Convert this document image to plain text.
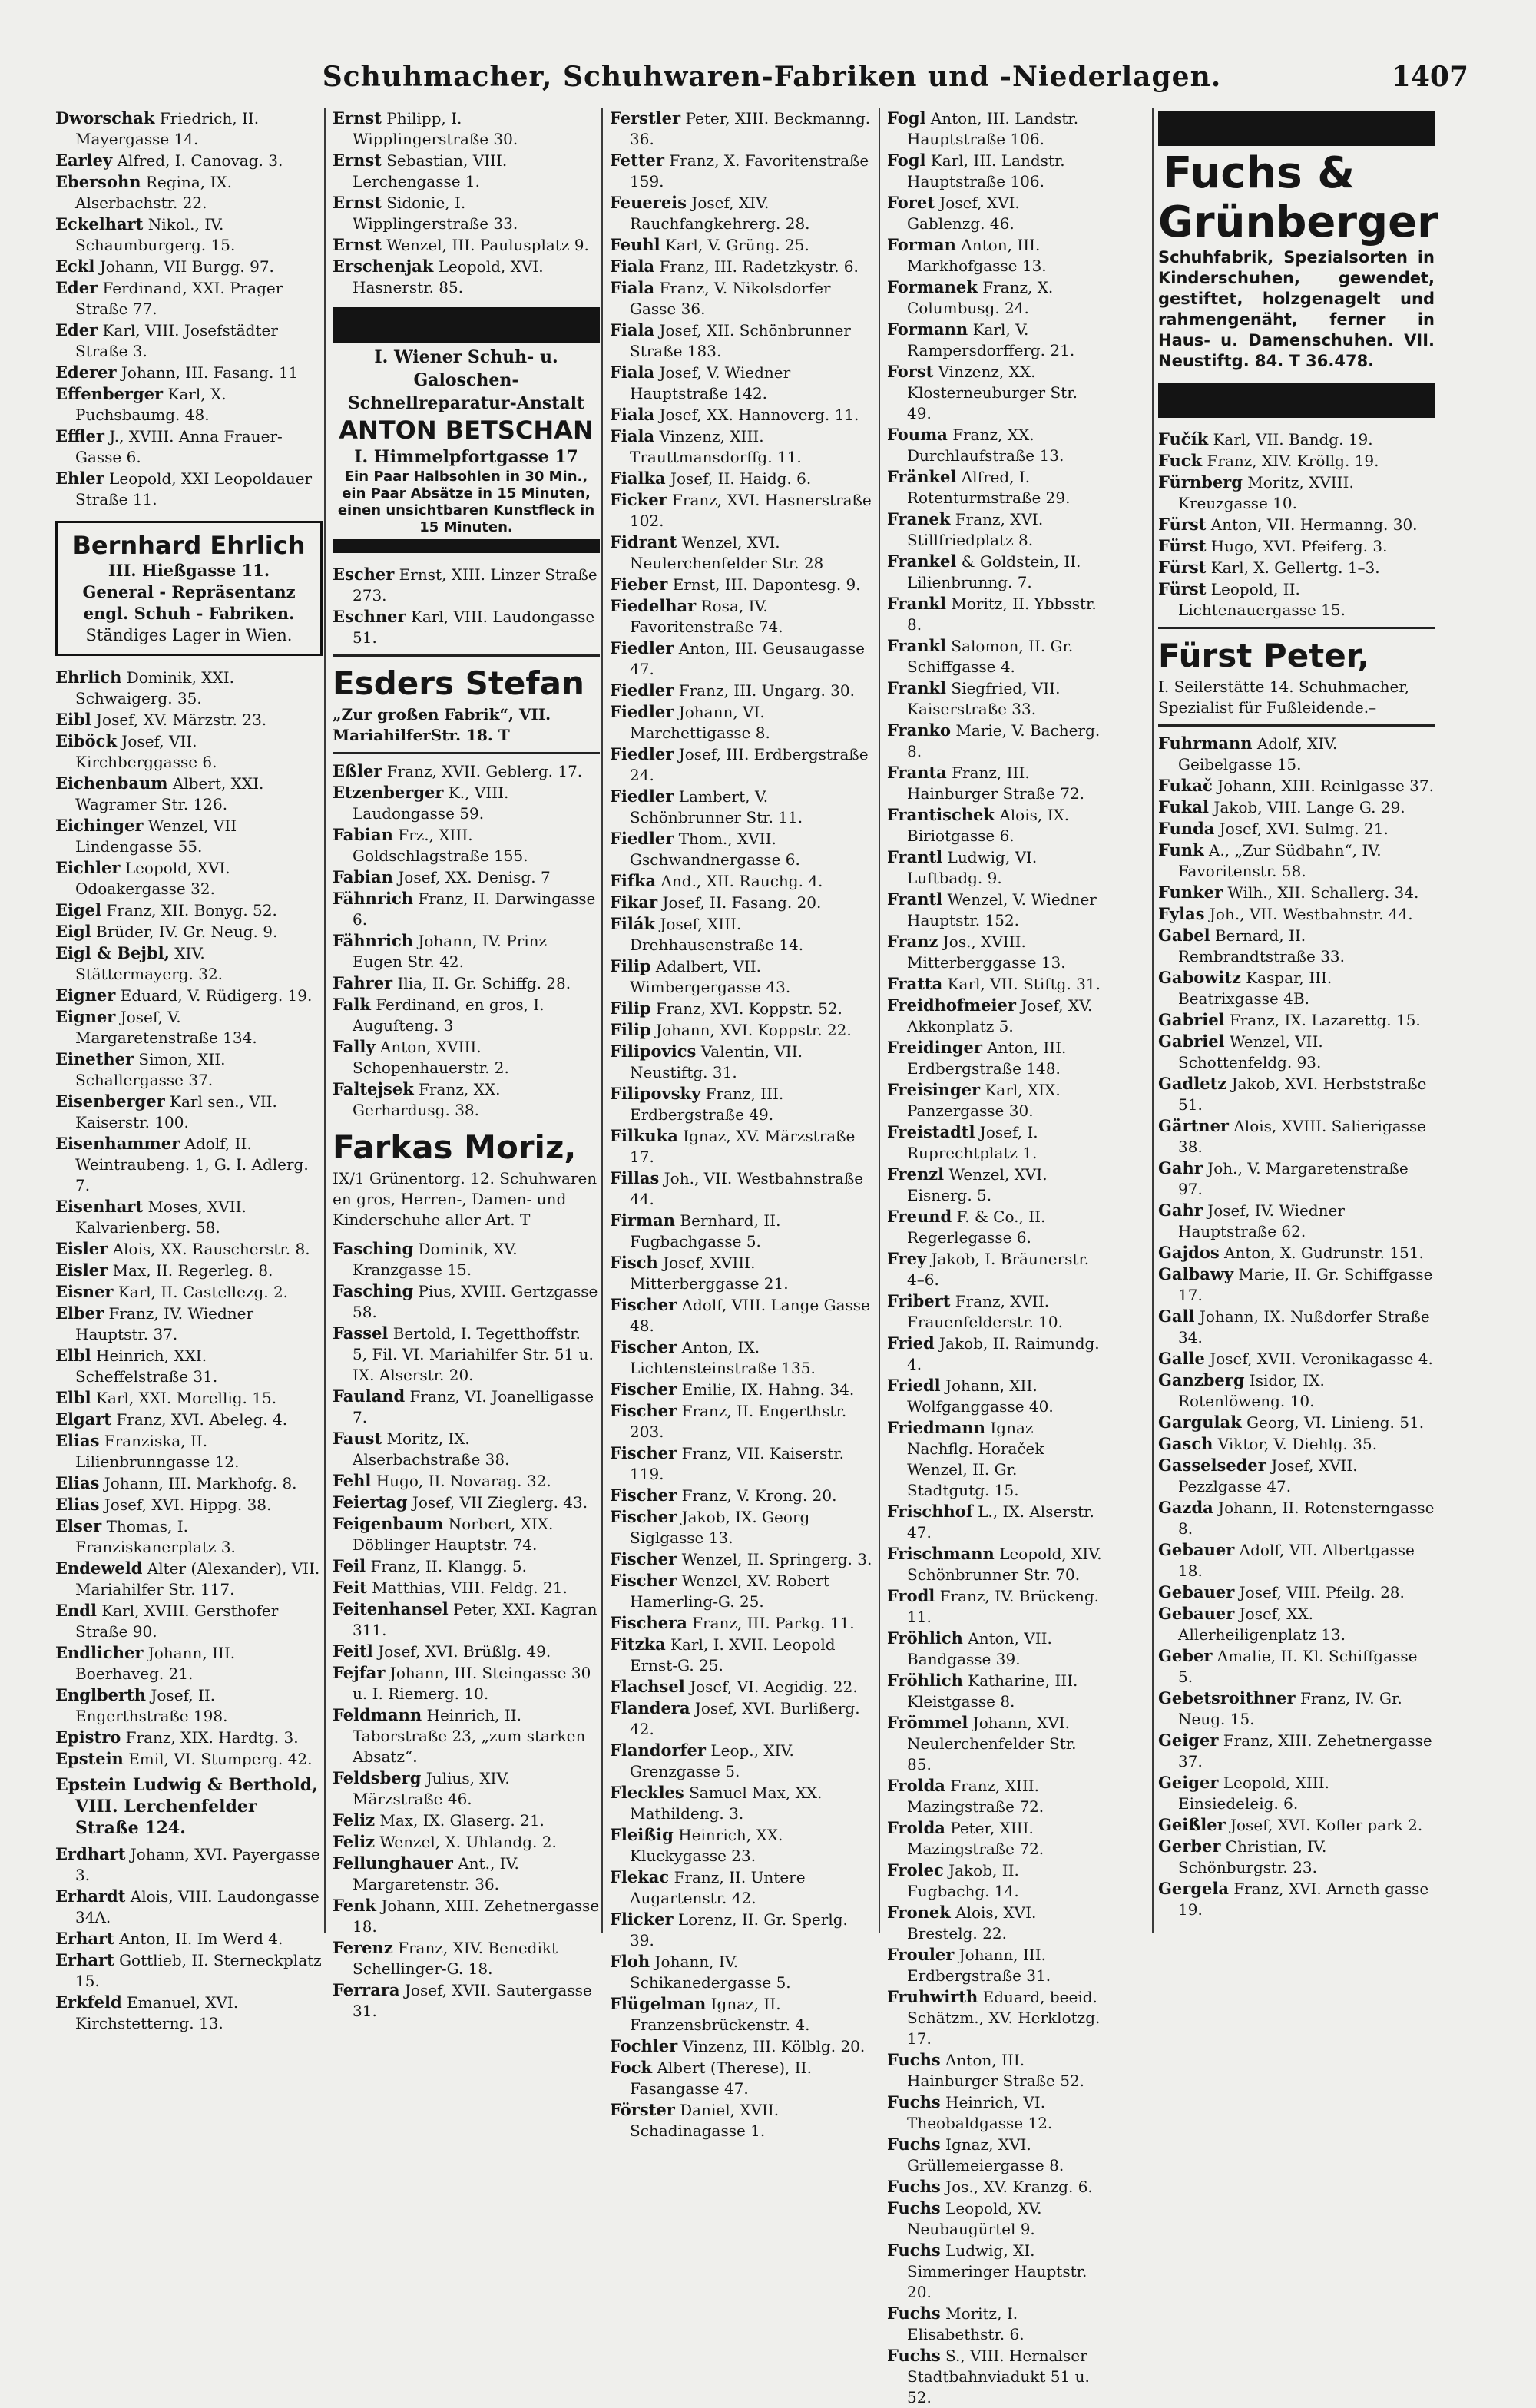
Schuhmacher, Schuhwaren-Fabriken und -Niederlagen.	1407
Dworschak Friedrich, II. Mayergasse 14.
Earley Alfred, I. Canovag. 3.
Ebersohn Regina, IX. Alserbachstr. 22.
Eckelhart Nikol., IV. Schaumburgerg. 15.
Eckl Johann, VII Burgg. 97.
Eder Ferdinand, XXI. Prager Straße 77.
Eder Karl, VIII. Josefstädter Straße 3.
Ederer Johann, III. Fasang. 11
Effenberger Karl, X. Puchsbaumg. 48.
Effler J., XVIII. Anna Frauer-Gasse 6.
Ehler Leopold, XXI Leopoldauer Straße 11.
Bernhard Ehrlich
III. Hießgasse 11.
General - Repräsentanz
engl. Schuh - Fabriken.
Ständiges Lager in Wien.
Ehrlich Dominik, XXI. Schwaigerg. 35.
Eibl Josef, XV. Märzstr. 23.
Eiböck Josef, VII. Kirchberggasse 6.
Eichenbaum Albert, XXI. Wagramer Str. 126.
Eichinger Wenzel, VII Lindengasse 55.
Eichler Leopold, XVI. Odoakergasse 32.
Eigel Franz, XII. Bonyg. 52.
Eigl Brüder, IV. Gr. Neug. 9.
Eigl & Bejbl, XIV. Stättermayerg. 32.
Eigner Eduard, V. Rüdigerg. 19.
Eigner Josef, V. Margaretenstraße 134.
Einether Simon, XII. Schallergasse 37.
Eisenberger Karl sen., VII. Kaiserstr. 100.
Eisenhammer Adolf, II. Weintraubeng. 1, G. I. Adlerg. 7.
Eisenhart Moses, XVII. Kalvarienberg. 58.
Eisler Alois, XX. Rauscherstr. 8.
Eisler Max, II. Regerleg. 8.
Eisner Karl, II. Castellezg. 2.
Elber Franz, IV. Wiedner Hauptstr. 37.
Elbl Heinrich, XXI. Scheffelstraße 31.
Elbl Karl, XXI. Morellig. 15.
Elgart Franz, XVI. Abeleg. 4.
Elias Franziska, II. Lilienbrunngasse 12.
Elias Johann, III. Markhofg. 8.
Elias Josef, XVI. Hippg. 38.
Elser Thomas, I. Franziskanerplatz 3.
Endeweld Alter (Alexander), VII. Mariahilfer Str. 117.
Endl Karl, XVIII. Gersthofer Straße 90.
Endlicher Johann, III. Boerhaveg. 21.
Englberth Josef, II. Engerthstraße 198.
Epistro Franz, XIX. Hardtg. 3.
Epstein Emil, VI. Stumperg. 42.
Epstein Ludwig & Berthold, VIII. Lerchenfelder Straße 124.
Erdhart Johann, XVI. Payergasse 3.
Erhardt Alois, VIII. Laudongasse 34A.
Erhart Anton, II. Im Werd 4.
Erhart Gottlieb, II. Sterneckplatz 15.
Erkfeld Emanuel, XVI. Kirchstetterng. 13.
Ernst Philipp, I. Wipplingerstraße 30.
Ernst Sebastian, VIII. Lerchengasse 1.
Ernst Sidonie, I. Wipplingerstraße 33.
Ernst Wenzel, III. Paulusplatz 9.
Erschenjak Leopold, XVI. Hasnerstr. 85.
I. Wiener Schuh- u. Galoschen-
Schnellreparatur-Anstalt
ANTON BETSCHAN
I. Himmelpfortgasse 17
Ein Paar Halbsohlen in 30 Min., ein Paar Absätze in 15 Minuten, einen unsichtbaren Kunstfleck in 15 Minuten.
Escher Ernst, XIII. Linzer Straße 273.
Eschner Karl, VIII. Laudongasse 51.
Esders Stefan
„Zur großen Fabrik“, VII. MariahilferStr. 18. T
Eßler Franz, XVII. Geblerg. 17.
Etzenberger K., VIII. Laudongasse 59.
Fabian Frz., XIII. Goldschlagstraße 155.
Fabian Josef, XX. Denisg. 7
Fähnrich Franz, II. Darwingasse 6.
Fähnrich Johann, IV. Prinz Eugen Str. 42.
Fahrer Ilia, II. Gr. Schiffg. 28.
Falk Ferdinand, en gros, I. Auguſteng. 3
Fally Anton, XVIII. Schopenhauerstr. 2.
Faltejsek Franz, XX. Gerhardusg. 38.
Farkas Moriz,
IX/1 Grünentorg. 12. Schuhwaren en gros, Herren-, Damen- und Kinderschuhe aller Art. T
Fasching Dominik, XV. Kranzgasse 15.
Fasching Pius, XVIII. Gertzgasse 58.
Fassel Bertold, I. Tegetthoffstr. 5, Fil. VI. Mariahilfer Str. 51 u. IX. Alserstr. 20.
Fauland Franz, VI. Joanelligasse 7.
Faust Moritz, IX. Alserbachstraße 38.
Fehl Hugo, II. Novarag. 32.
Feiertag Josef, VII Zieglerg. 43.
Feigenbaum Norbert, XIX. Döblinger Hauptstr. 74.
Feil Franz, II. Klangg. 5.
Feit Matthias, VIII. Feldg. 21.
Feitenhansel Peter, XXI. Kagran 311.
Feitl Josef, XVI. Brüßlg. 49.
Fejfar Johann, III. Steingasse 30 u. I. Riemerg. 10.
Feldmann Heinrich, II. Taborstraße 23, „zum starken Absatz“.
Feldsberg Julius, XIV. Märzstraße 46.
Feliz Max, IX. Glaserg. 21.
Feliz Wenzel, X. Uhlandg. 2.
Fellunghauer Ant., IV. Margaretenstr. 36.
Fenk Johann, XIII. Zehetnergasse 18.
Ferenz Franz, XIV. Benedikt Schellinger-G. 18.
Ferrara Josef, XVII. Sautergasse 31.
Ferstler Peter, XIII. Beckmanng. 36.
Fetter Franz, X. Favoritenstraße 159.
Feuereis Josef, XIV. Rauchfangkehrerg. 28.
Feuhl Karl, V. Grüng. 25.
Fiala Franz, III. Radetzkystr. 6.
Fiala Franz, V. Nikolsdorfer Gasse 36.
Fiala Josef, XII. Schönbrunner Straße 183.
Fiala Josef, V. Wiedner Hauptstraße 142.
Fiala Josef, XX. Hannoverg. 11.
Fiala Vinzenz, XIII. Trauttmansdorffg. 11.
Fialka Josef, II. Haidg. 6.
Ficker Franz, XVI. Hasnerstraße 102.
Fidrant Wenzel, XVI. Neulerchenfelder Str. 28
Fieber Ernst, III. Dapontesg. 9.
Fiedelhar Rosa, IV. Favoritenstraße 74.
Fiedler Anton, III. Geusaugasse 47.
Fiedler Franz, III. Ungarg. 30.
Fiedler Johann, VI. Marchettigasse 8.
Fiedler Josef, III. Erdbergstraße 24.
Fiedler Lambert, V. Schönbrunner Str. 11.
Fiedler Thom., XVII. Gschwandnergasse 6.
Fifka And., XII. Rauchg. 4.
Fikar Josef, II. Fasang. 20.
Filák Josef, XIII. Drehhausenstraße 14.
Filip Adalbert, VII. Wimbergergasse 43.
Filip Franz, XVI. Koppstr. 52.
Filip Johann, XVI. Koppstr. 22.
Filipovics Valentin, VII. Neustiftg. 31.
Filipovsky Franz, III. Erdbergstraße 49.
Filkuka Ignaz, XV. Märzstraße 17.
Fillas Joh., VII. Westbahnstraße 44.
Firman Bernhard, II. Fugbachgasse 5.
Fisch Josef, XVIII. Mitterberggasse 21.
Fischer Adolf, VIII. Lange Gasse 48.
Fischer Anton, IX. Lichtensteinstraße 135.
Fischer Emilie, IX. Hahng. 34.
Fischer Franz, II. Engerthstr. 203.
Fischer Franz, VII. Kaiserstr. 119.
Fischer Franz, V. Krong. 20.
Fischer Jakob, IX. Georg Siglgasse 13.
Fischer Wenzel, II. Springerg. 3.
Fischer Wenzel, XV. Robert Hamerling-G. 25.
Fischera Franz, III. Parkg. 11.
Fitzka Karl, I. XVII. Leopold Ernst-G. 25.
Flachsel Josef, VI. Aegidig. 22.
Flandera Josef, XVI. Burlißerg. 42.
Flandorfer Leop., XIV. Grenzgasse 5.
Fleckles Samuel Max, XX. Mathildeng. 3.
Fleißig Heinrich, XX. Kluckygasse 23.
Flekac Franz, II. Untere Augartenstr. 42.
Flicker Lorenz, II. Gr. Sperlg. 39.
Floh Johann, IV. Schikanedergasse 5.
Flügelman Ignaz, II. Franzensbrückenstr. 4.
Fochler Vinzenz, III. Kölblg. 20.
Fock Albert (Therese), II. Fasangasse 47.
Förster Daniel, XVII. Schadinagasse 1.
Fogl Anton, III. Landstr. Hauptstraße 106.
Fogl Karl, III. Landstr. Hauptstraße 106.
Foret Josef, XVI. Gablenzg. 46.
Forman Anton, III. Markhofgasse 13.
Formanek Franz, X. Columbusg. 24.
Formann Karl, V. Rampersdorfferg. 21.
Forst Vinzenz, XX. Klosterneuburger Str. 49.
Fouma Franz, XX. Durchlaufstraße 13.
Fränkel Alfred, I. Rotenturmstraße 29.
Franek Franz, XVI. Stillfriedplatz 8.
Frankel & Goldstein, II. Lilienbrunng. 7.
Frankl Moritz, II. Ybbsstr. 8.
Frankl Salomon, II. Gr. Schiffgasse 4.
Frankl Siegfried, VII. Kaiserstraße 33.
Franko Marie, V. Bacherg. 8.
Franta Franz, III. Hainburger Straße 72.
Frantischek Alois, IX. Biriotgasse 6.
Frantl Ludwig, VI. Luftbadg. 9.
Frantl Wenzel, V. Wiedner Hauptstr. 152.
Franz Jos., XVIII. Mitterberggasse 13.
Fratta Karl, VII. Stiftg. 31.
Freidhofmeier Josef, XV. Akkonplatz 5.
Freidinger Anton, III. Erdbergstraße 148.
Freisinger Karl, XIX. Panzergasse 30.
Freistadtl Josef, I. Ruprechtplatz 1.
Frenzl Wenzel, XVI. Eisnerg. 5.
Freund F. & Co., II. Regerlegasse 6.
Frey Jakob, I. Bräunerstr. 4–6.
Fribert Franz, XVII. Frauenfelderstr. 10.
Fried Jakob, II. Raimundg. 4.
Friedl Johann, XII. Wolfganggasse 40.
Friedmann Ignaz Nachflg. Horaček Wenzel, II. Gr. Stadtgutg. 15.
Frischhof L., IX. Alserstr. 47.
Frischmann Leopold, XIV. Schönbrunner Str. 70.
Frodl Franz, IV. Brückeng. 11.
Fröhlich Anton, VII. Bandgasse 39.
Fröhlich Katharine, III. Kleistgasse 8.
Frömmel Johann, XVI. Neulerchenfelder Str. 85.
Frolda Franz, XIII. Mazingstraße 72.
Frolda Peter, XIII. Mazingstraße 72.
Frolec Jakob, II. Fugbachg. 14.
Fronek Alois, XVI. Brestelg. 22.
Frouler Johann, III. Erdbergstraße 31.
Fruhwirth Eduard, beeid. Schätzm., XV. Herklotzg. 17.
Fuchs Anton, III. Hainburger Straße 52.
Fuchs Heinrich, VI. Theobaldgasse 12.
Fuchs Ignaz, XVI. Grüllemeiergasse 8.
Fuchs Jos., XV. Kranzg. 6.
Fuchs Leopold, XV. Neubaugürtel 9.
Fuchs Ludwig, XI. Simmeringer Hauptstr. 20.
Fuchs Moritz, I. Elisabethstr. 6.
Fuchs S., VIII. Hernalser Stadtbahnviadukt 51 u. 52.
Fuchs &
Grünberger
Schuhfabrik, Spezialsorten in Kinderschuhen, gewendet, gestiftet, holzgenagelt und rahmengenäht, ferner in Haus- u. Damenschuhen. VII. Neustiftg. 84. T 36.478.
Fučík Karl, VII. Bandg. 19.
Fuck Franz, XIV. Kröllg. 19.
Fürnberg Moritz, XVIII. Kreuzgasse 10.
Fürst Anton, VII. Hermanng. 30.
Fürst Hugo, XVI. Pfeiferg. 3.
Fürst Karl, X. Gellertg. 1–3.
Fürst Leopold, II. Lichtenauergasse 15.
Fürst Peter,
I. Seilerstätte 14. Schuhmacher, Spezialist für Fußleidende.–
Fuhrmann Adolf, XIV. Geibelgasse 15.
Fukač Johann, XIII. Reinlgasse 37.
Fukal Jakob, VIII. Lange G. 29.
Funda Josef, XVI. Sulmg. 21.
Funk A., „Zur Südbahn“, IV. Favoritenstr. 58.
Funker Wilh., XII. Schallerg. 34.
Fylas Joh., VII. Westbahnstr. 44.
Gabel Bernard, II. Rembrandtstraße 33.
Gabowitz Kaspar, III. Beatrixgasse 4B.
Gabriel Franz, IX. Lazarettg. 15.
Gabriel Wenzel, VII. Schottenfeldg. 93.
Gadletz Jakob, XVI. Herbststraße 51.
Gärtner Alois, XVIII. Salierigasse 38.
Gahr Joh., V. Margaretenstraße 97.
Gahr Josef, IV. Wiedner Hauptstraße 62.
Gajdos Anton, X. Gudrunstr. 151.
Galbawy Marie, II. Gr. Schiffgasse 17.
Gall Johann, IX. Nußdorfer Straße 34.
Galle Josef, XVII. Veronikagasse 4.
Ganzberg Isidor, IX. Rotenlöweng. 10.
Gargulak Georg, VI. Linieng. 51.
Gasch Viktor, V. Diehlg. 35.
Gasselseder Josef, XVII. Pezzlgasse 47.
Gazda Johann, II. Rotensterngasse 8.
Gebauer Adolf, VII. Albertgasse 18.
Gebauer Josef, VIII. Pfeilg. 28.
Gebauer Josef, XX. Allerheiligenplatz 13.
Geber Amalie, II. Kl. Schiffgasse 5.
Gebetsroithner Franz, IV. Gr. Neug. 15.
Geiger Franz, XIII. Zehetnergasse 37.
Geiger Leopold, XIII. Einsiedeleig. 6.
Geißler Josef, XVI. Kofler park 2.
Gerber Christian, IV. Schönburgstr. 23.
Gergela Franz, XVI. Arneth gasse 19.
